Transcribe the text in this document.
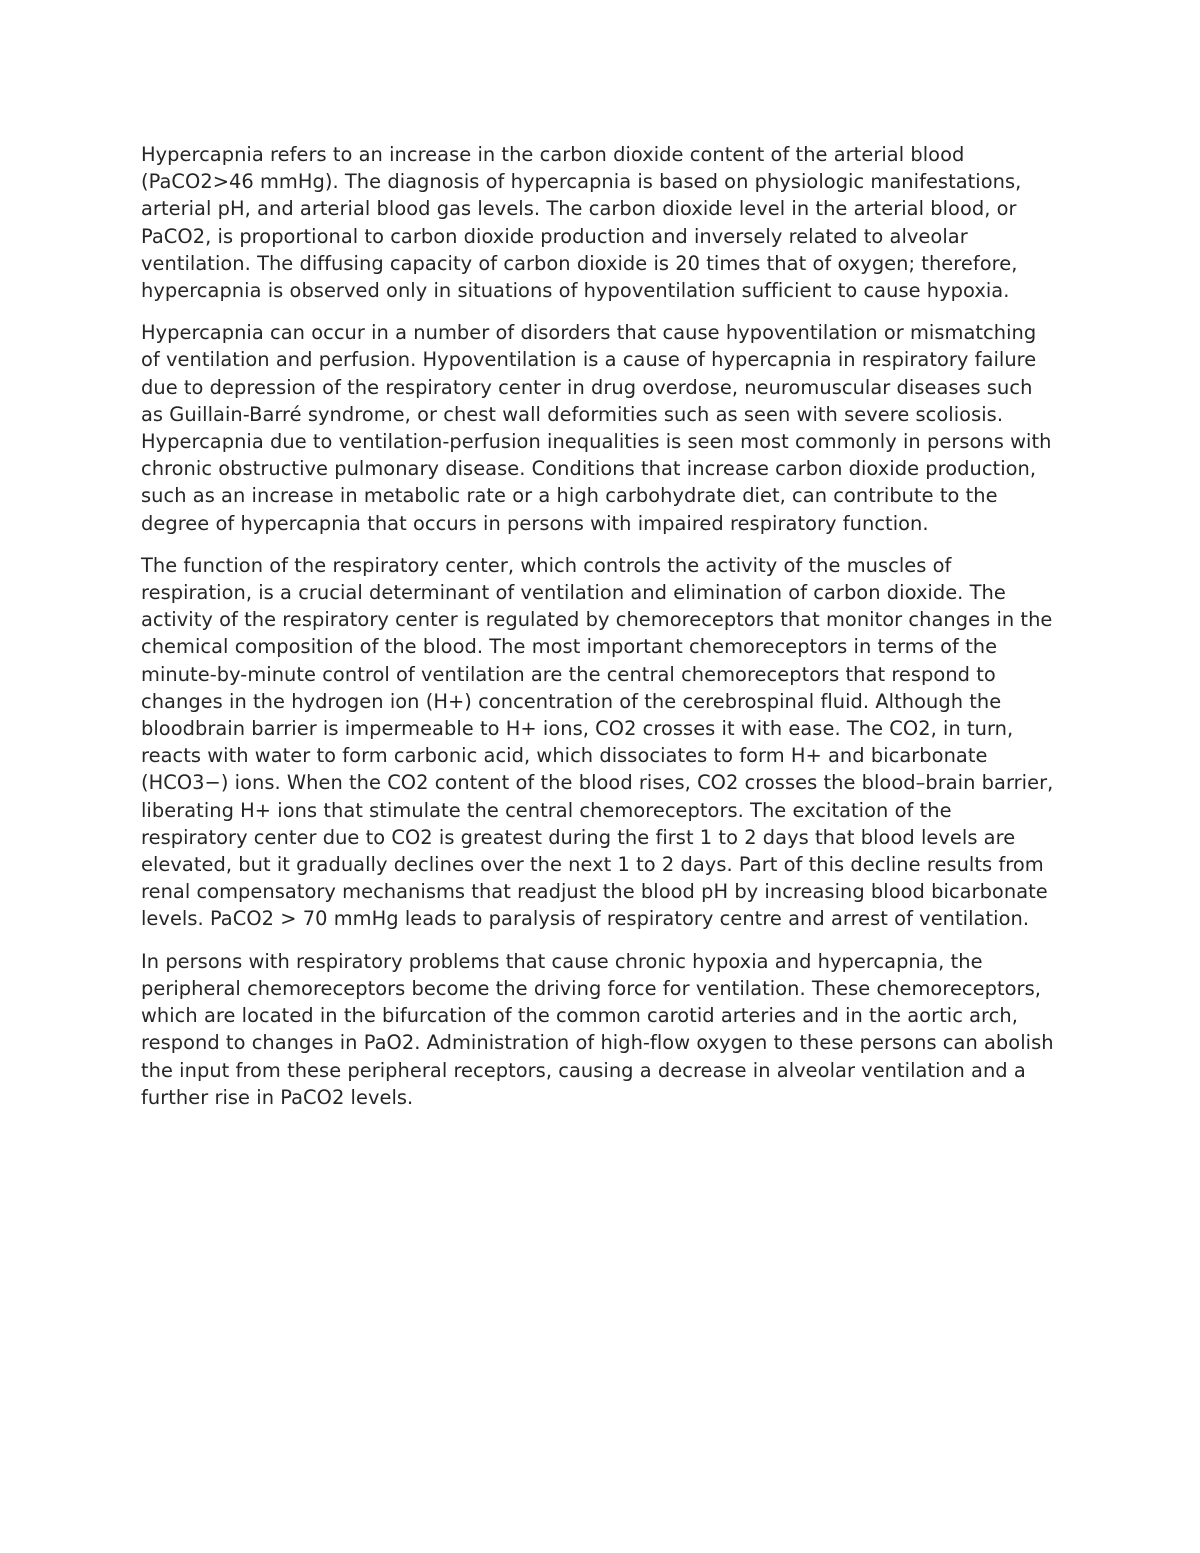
Hypercapnia refers to an increase in the carbon dioxide content of the arterial blood (PaCO2>46 mmHg). The diagnosis of hypercapnia is based on physiologic manifestations, arterial pH, and arterial blood gas levels. The carbon dioxide level in the arterial blood, or PaCO2, is proportional to carbon dioxide production and inversely related to alveolar ventilation. The diffusing capacity of carbon dioxide is 20 times that of oxygen; therefore, hypercapnia is observed only in situations of hypoventilation sufficient to cause hypoxia.

Hypercapnia can occur in a number of disorders that cause hypoventilation or mismatching of ventilation and perfusion. Hypoventilation is a cause of hypercapnia in respiratory failure due to depression of the respiratory center in drug overdose, neuromuscular diseases such as Guillain-Barré syndrome, or chest wall deformities such as seen with severe scoliosis. Hypercapnia due to ventilation-perfusion inequalities is seen most commonly in persons with chronic obstructive pulmonary disease. Conditions that increase carbon dioxide production, such as an increase in metabolic rate or a high carbohydrate diet, can contribute to the degree of hypercapnia that occurs in persons with impaired respiratory function.

The function of the respiratory center, which controls the activity of the muscles of respiration, is a crucial determinant of ventilation and elimination of carbon dioxide. The activity of the respiratory center is regulated by chemoreceptors that monitor changes in the chemical composition of the blood. The most important chemoreceptors in terms of the minute-by-minute control of ventilation are the central chemoreceptors that respond to changes in the hydrogen ion (H+) concentration of the cerebrospinal fluid. Although the bloodbrain barrier is impermeable to H+ ions, CO2 crosses it with ease. The CO2, in turn, reacts with water to form carbonic acid, which dissociates to form H+ and bicarbonate (HCO3−) ions. When the CO2 content of the blood rises, CO2 crosses the blood–brain barrier, liberating H+ ions that stimulate the central chemoreceptors. The excitation of the respiratory center due to CO2 is greatest during the first 1 to 2 days that blood levels are elevated, but it gradually declines over the next 1 to 2 days. Part of this decline results from renal compensatory mechanisms that readjust the blood pH by increasing blood bicarbonate levels. PaCO2 > 70 mmHg leads to paralysis of respiratory centre and arrest of ventilation.

In persons with respiratory problems that cause chronic hypoxia and hypercapnia, the peripheral chemoreceptors become the driving force for ventilation. These chemoreceptors, which are located in the bifurcation of the common carotid arteries and in the aortic arch, respond to changes in PaO2. Administration of high-flow oxygen to these persons can abolish the input from these peripheral receptors, causing a decrease in alveolar ventilation and a further rise in PaCO2 levels.
